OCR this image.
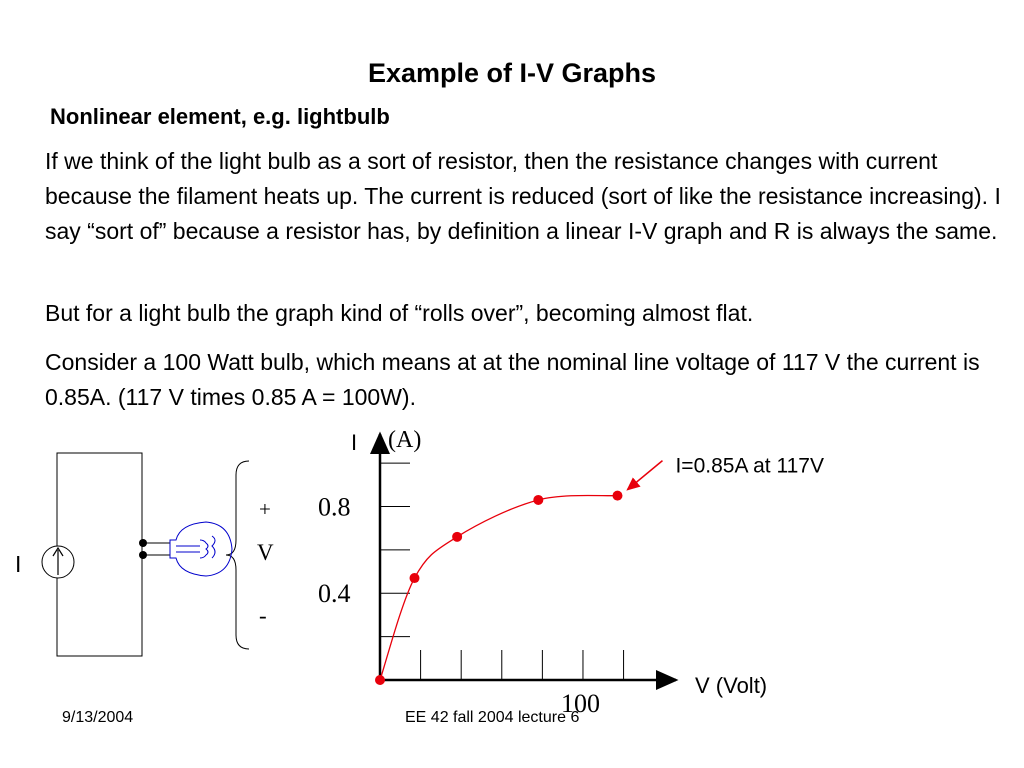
Example of I-V Graphs
Nonlinear element, e.g. lightbulb

If we think of the light bulb as a sort of resistor, then the resistance changes with current because the filament heats up. The current is reduced (sort of like the resistance increasing). I say “sort of” because a resistor has, by definition a linear I-V graph and R is always the same.

But for a light bulb the graph kind of “rolls over”, becoming almost flat.

Consider a 100 Watt bulb, which means at at the nominal line voltage of 117 V the current is 0.85A. (117 V times 0.85 A = 100W).

I
+
V
-
0.8
0.4
100
I=0.85A at 117V
I (A)
V (Volt)
9/13/2004	EE 42 fall 2004 lecture 6
